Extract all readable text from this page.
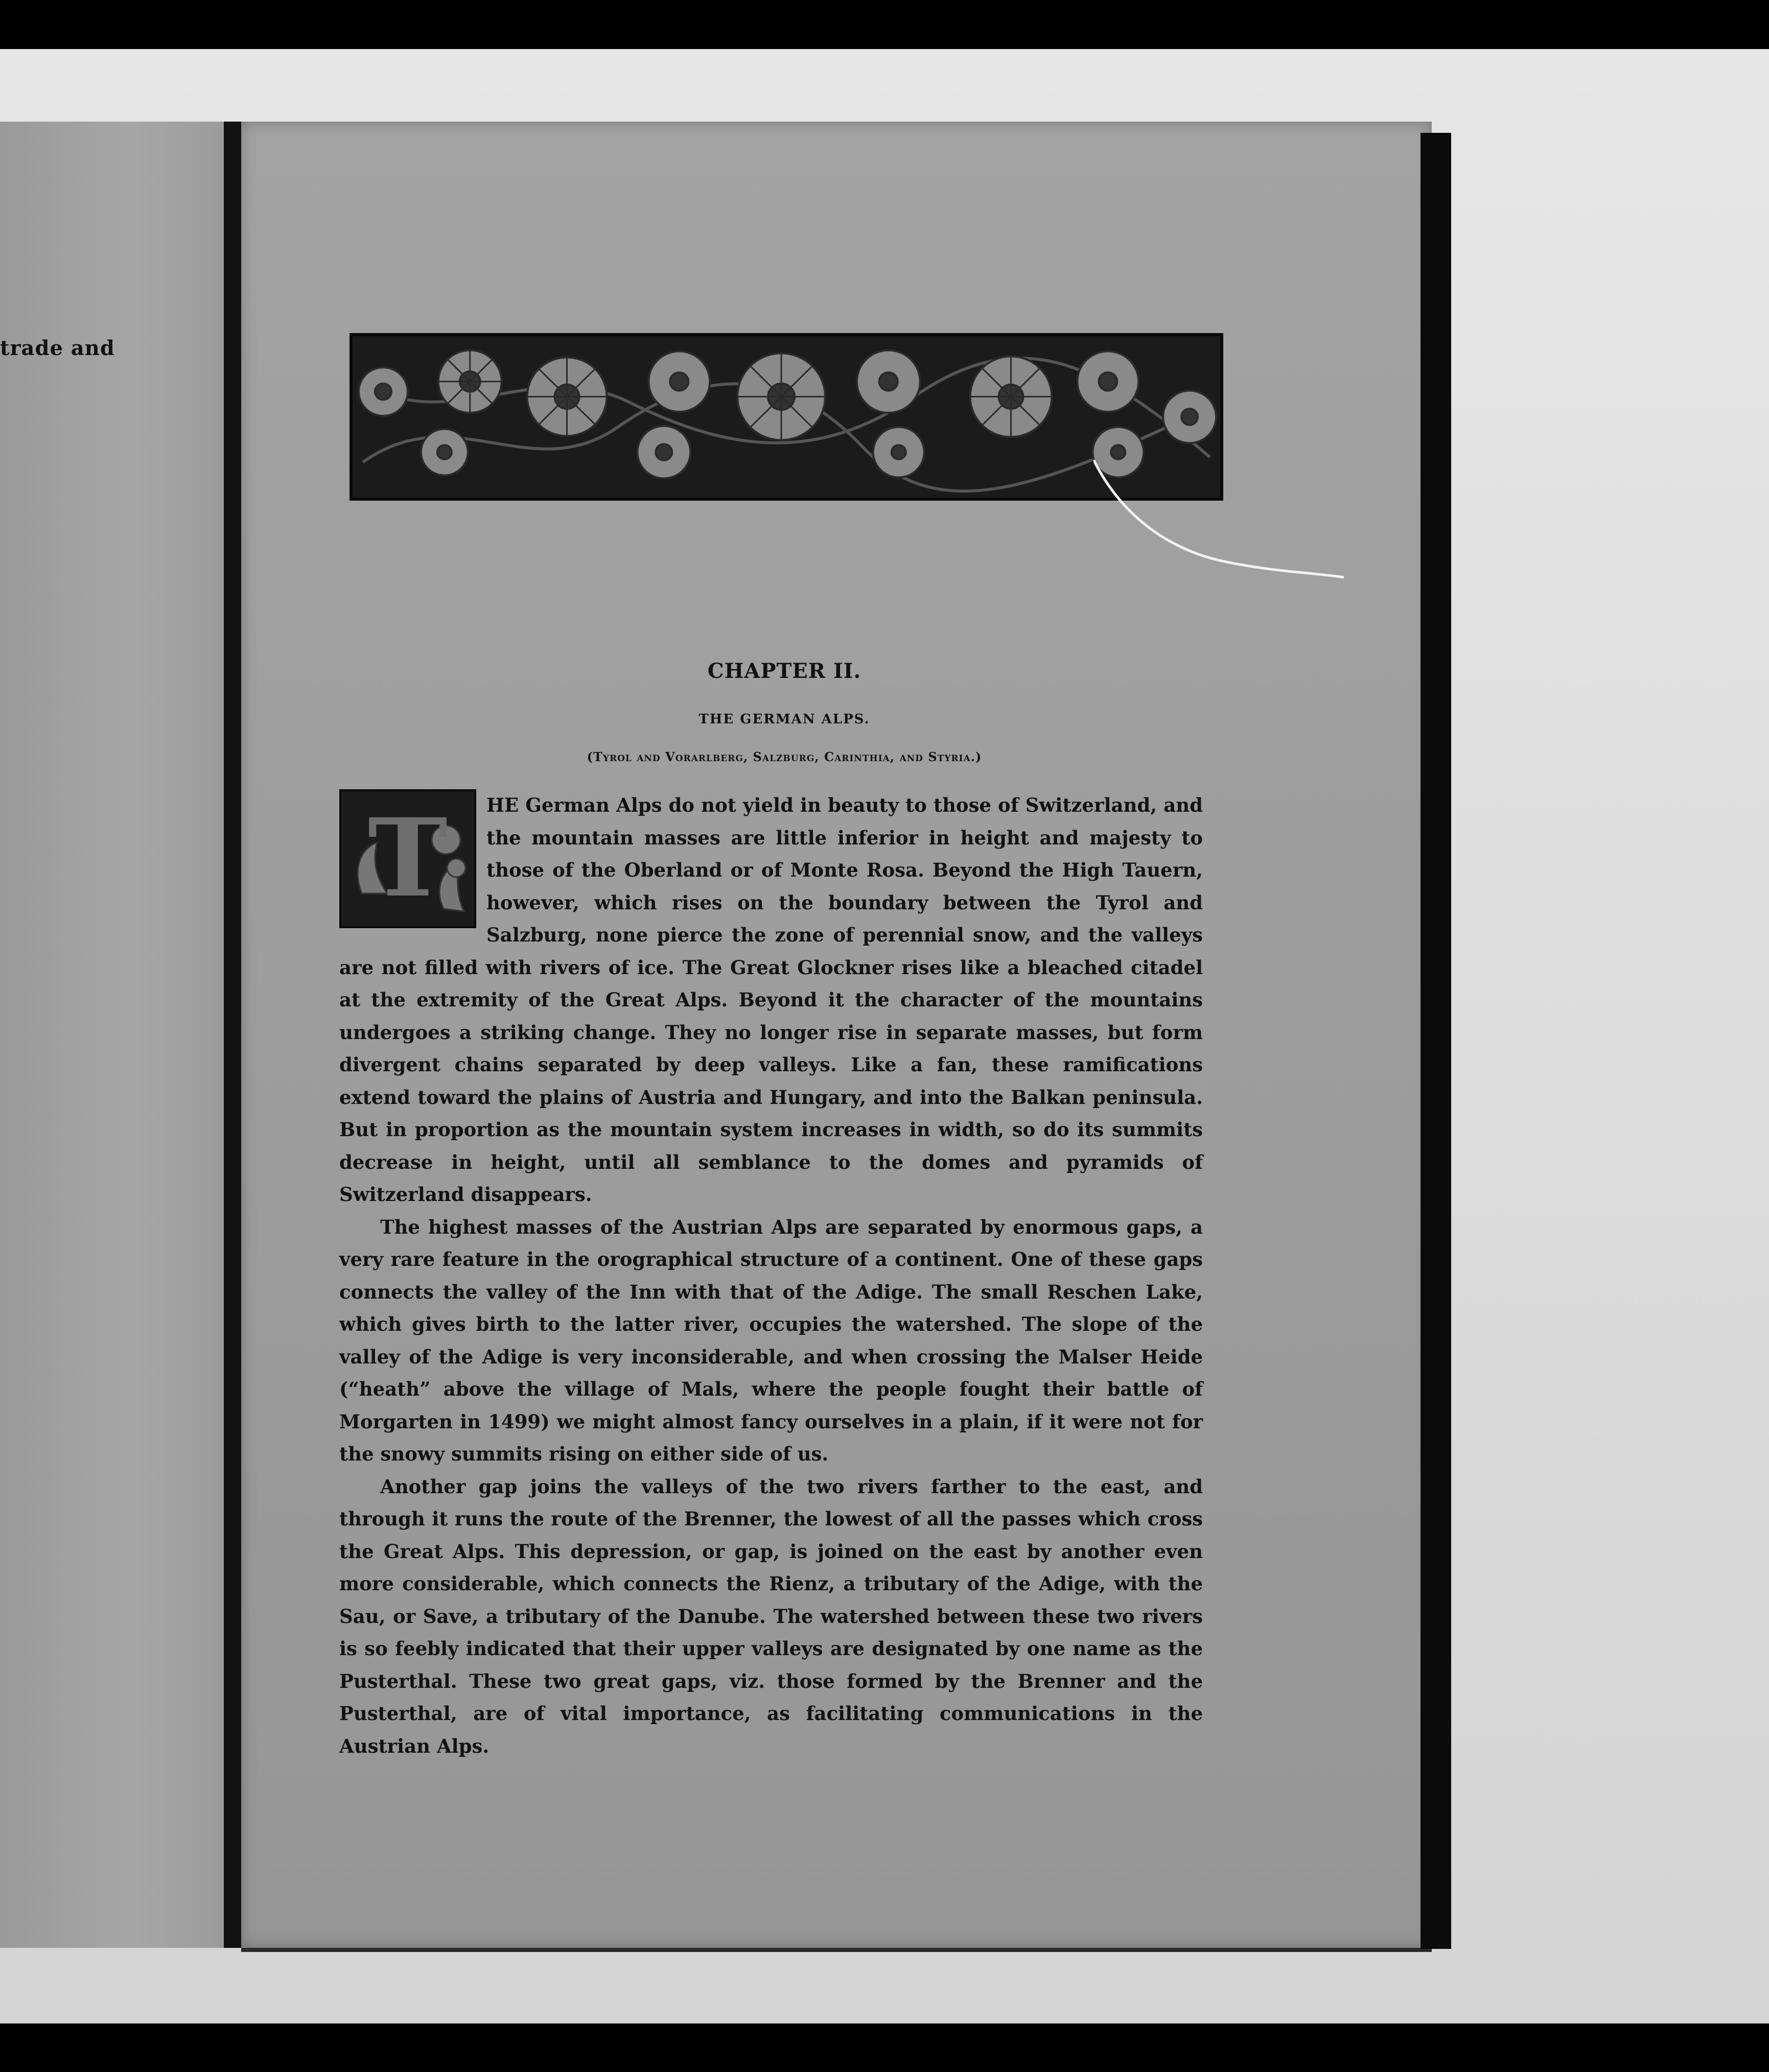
trade and
CHAPTER II.
THE GERMAN ALPS.
(Tyrol and Vorarlberg, Salzburg, Carinthia, and Styria.)
T	HE German Alps do not yield in beauty to those of Switzerland, and the mountain masses are little inferior in height and majesty to those of the Oberland or of Monte Rosa. Beyond the High Tauern, however, which rises on the boundary between the Tyrol and Salzburg, none pierce the zone of perennial snow, and the valleys are not filled with rivers of ice. The Great Glockner rises like a bleached citadel at the extremity of the Great Alps. Beyond it the character of the mountains undergoes a striking change. They no longer rise in separate masses, but form divergent chains separated by deep valleys. Like a fan, these ramifications extend toward the plains of Austria and Hungary, and into the Balkan peninsula. But in proportion as the mountain system increases in width, so do its summits decrease in height, until all semblance to the domes and pyramids of Switzerland disappears.

The highest masses of the Austrian Alps are separated by enormous gaps, a very rare feature in the orographical structure of a continent. One of these gaps connects the valley of the Inn with that of the Adige. The small Reschen Lake, which gives birth to the latter river, occupies the watershed. The slope of the valley of the Adige is very inconsiderable, and when crossing the Malser Heide (“heath” above the village of Mals, where the people fought their battle of Morgarten in 1499) we might almost fancy ourselves in a plain, if it were not for the snowy summits rising on either side of us.

Another gap joins the valleys of the two rivers farther to the east, and through it runs the route of the Brenner, the lowest of all the passes which cross the Great Alps. This depression, or gap, is joined on the east by another even more considerable, which connects the Rienz, a tributary of the Adige, with the Sau, or Save, a tributary of the Danube. The watershed between these two rivers is so feebly indicated that their upper valleys are designated by one name as the Pusterthal. These two great gaps, viz. those formed by the Brenner and the Pusterthal, are of vital importance, as facilitating communications in the Austrian Alps.
